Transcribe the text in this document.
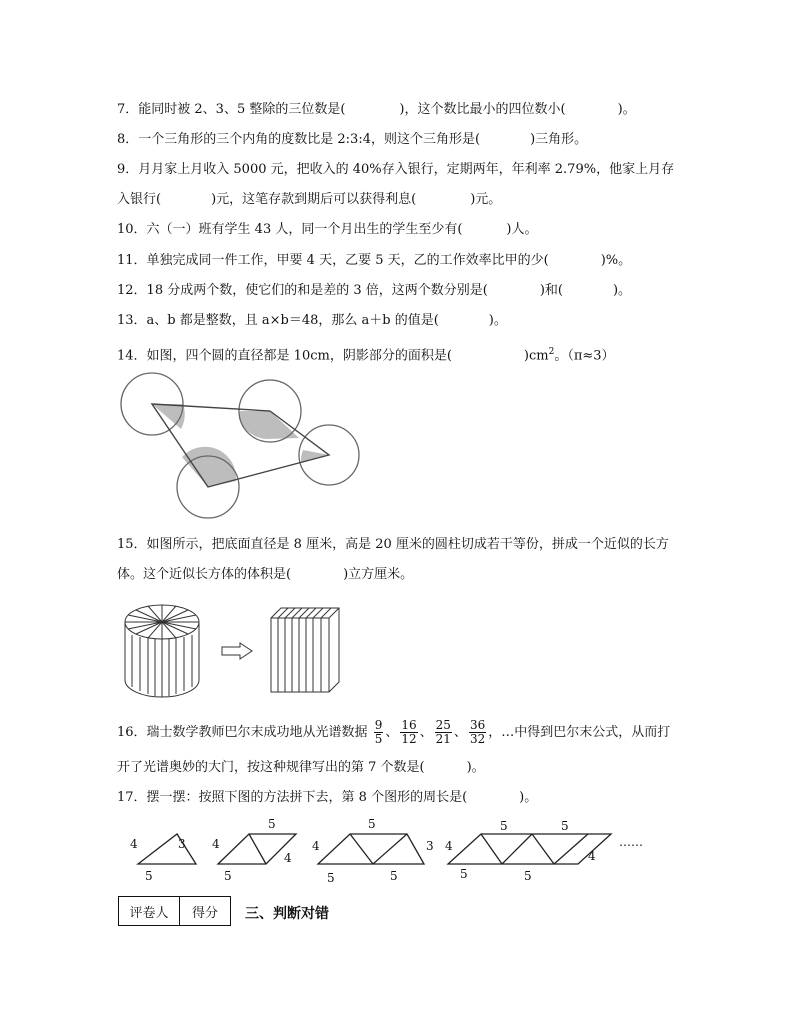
7．能同时被 2、3、5 整除的三位数是(	)，这个数比最小的四位数小(	)。
8．一个三角形的三个内角的度数比是 2:3:4，则这个三角形是(	)三角形。
9．月月家上月收入 5000 元，把收入的 40%存入银行，定期两年，年利率 2.79%，他家上月存
入银行(	)元，这笔存款到期后可以获得利息(	)元。
10．六（一）班有学生 43 人，同一个月出生的学生至少有(	)人。
11．单独完成同一件工作，甲要 4 天，乙要 5 天，乙的工作效率比甲的少(	)%。
12．18 分成两个数，使它们的和是差的 3 倍，这两个数分别是(	)和(	)。
13．a、b 都是整数，且 a×b＝48，那么 a＋b 的值是(	)。
14．如图，四个圆的直径都是 10cm，阴影部分的面积是(	)$cm^2$。（π≈3）
15．如图所示，把底面直径是 8 厘米，高是 20 厘米的圆柱切成若干等份，拼成一个近似的长方
体。这个近似长方体的体积是(	)立方厘米。
16．瑞士数学教师巴尔末成功地从光谱数据 $\frac{9}{5}$ 、 $\frac{16}{12}$ 、 $\frac{25}{21}$ 、 $\frac{36}{32}$ ，…中得到巴尔末公式，从而打
开了光谱奥妙的大门，按这种规律写出的第 7 个数是(	)。
17．摆一摆：按照下图的方法拼下去，第 8 个图形的周长是(	)。
4	3
5
5
4
4
5
5
4	3
5	5
5	5
4
4
5	5
……
评卷人	得分 三、判断对错
